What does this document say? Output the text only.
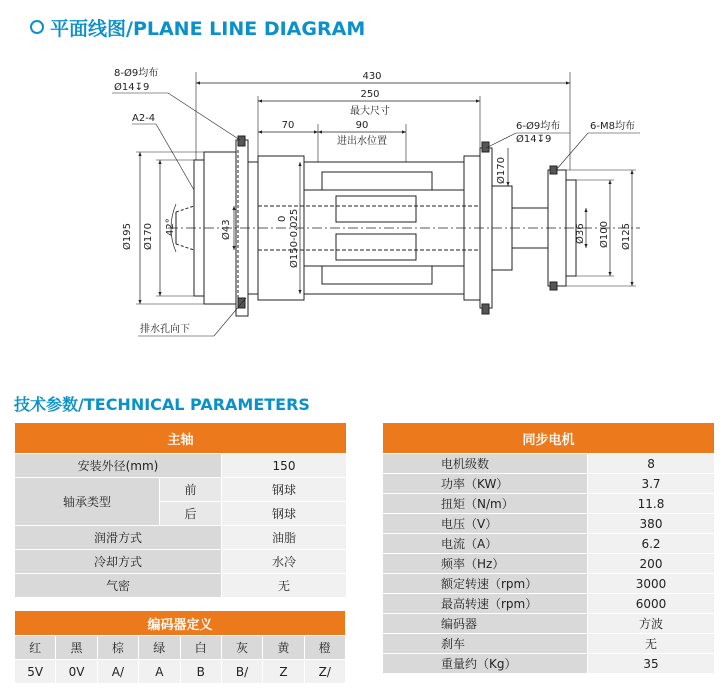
平面线图/PLANE LINE DIAGRAM
8-Ø9均布
Ø14↧9
430
250
最大尺寸
70	90
进出水位置
A2-4
6-Ø9均布
Ø14↧9
6-M8均布
Ø195 Ø170 42°	Ø43	Ø150-0.025
0
Ø170
Ø36 Ø100 Ø125
排水孔向下
技术参数/TECHNICAL PARAMETERS
主轴		
安装外径(mm)		150
轴承类型	前	钢球
	后	钢球
润滑方式		油脂
冷却方式		水冷
气密		无
编码器定义							
红	黑	棕	绿	白	灰	黄	橙
5V	0V	A/	A	B	B/	Z	Z/
同步电机	
电机级数	8
功率（KW）	3.7
扭矩（N/m）	11.8
电压（V）	380
电流（A）	6.2
频率（Hz）	200
额定转速（rpm）	3000
最高转速（rpm）	6000
编码器	方波
刹车	无
重量约（Kg）	35
